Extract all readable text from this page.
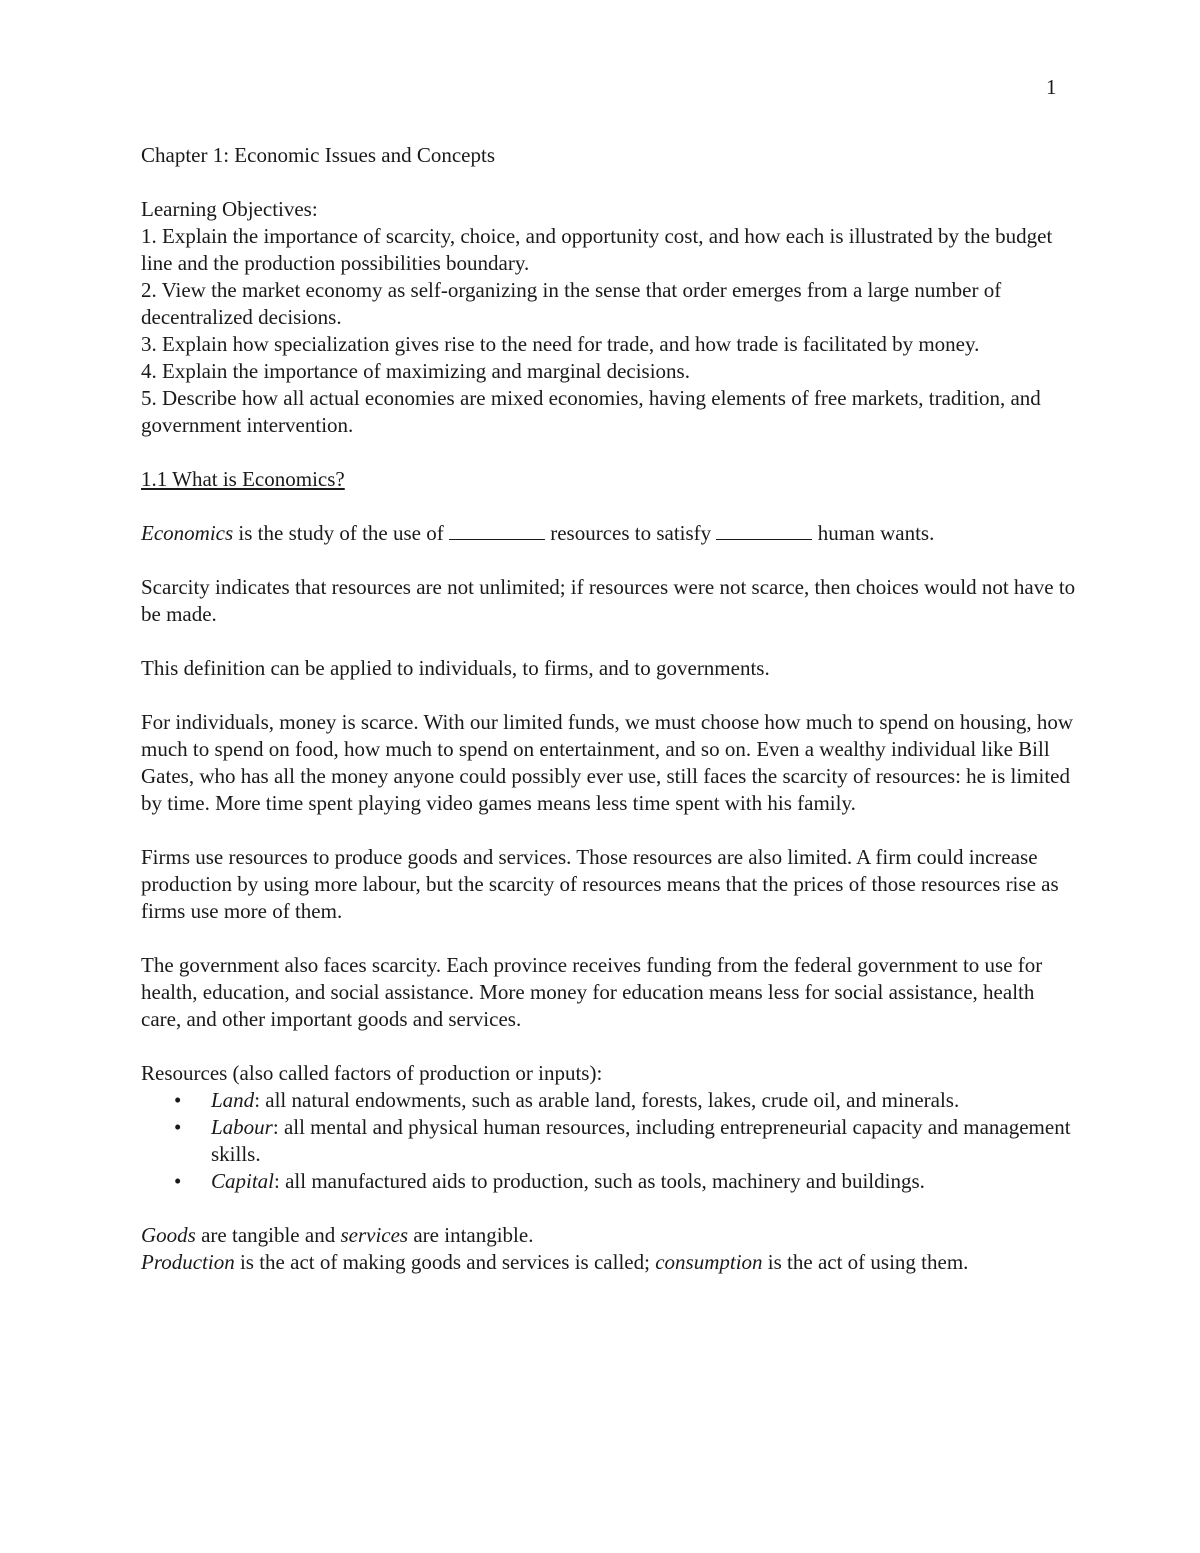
1

Chapter 1: Economic Issues and Concepts

Learning Objectives:

1. Explain the importance of scarcity, choice, and opportunity cost, and how each is illustrated by the budget line and the production possibilities boundary.

2. View the market economy as self-organizing in the sense that order emerges from a large number of decentralized decisions.

3. Explain how specialization gives rise to the need for trade, and how trade is facilitated by money.

4. Explain the importance of maximizing and marginal decisions.

5. Describe how all actual economies are mixed economies, having elements of free markets, tradition, and government intervention.

1.1 What is Economics?

Economics is the study of the use of	resources to satisfy	human wants.

Scarcity indicates that resources are not unlimited; if resources were not scarce, then choices would not have to be made.

This definition can be applied to individuals, to firms, and to governments.

For individuals, money is scarce. With our limited funds, we must choose how much to spend on housing, how much to spend on food, how much to spend on entertainment, and so on. Even a wealthy individual like Bill Gates, who has all the money anyone could possibly ever use, still faces the scarcity of resources: he is limited by time. More time spent playing video games means less time spent with his family.

Firms use resources to produce goods and services. Those resources are also limited. A firm could increase production by using more labour, but the scarcity of resources means that the prices of those resources rise as firms use more of them.

The government also faces scarcity. Each province receives funding from the federal government to use for health, education, and social assistance. More money for education means less for social assistance, health care, and other important goods and services.

Resources (also called factors of production or inputs):

• Land: all natural endowments, such as arable land, forests, lakes, crude oil, and minerals.
• Labour: all mental and physical human resources, including entrepreneurial capacity and management skills.
• Capital: all manufactured aids to production, such as tools, machinery and buildings.

Goods are tangible and services are intangible.

Production is the act of making goods and services is called; consumption is the act of using them.
